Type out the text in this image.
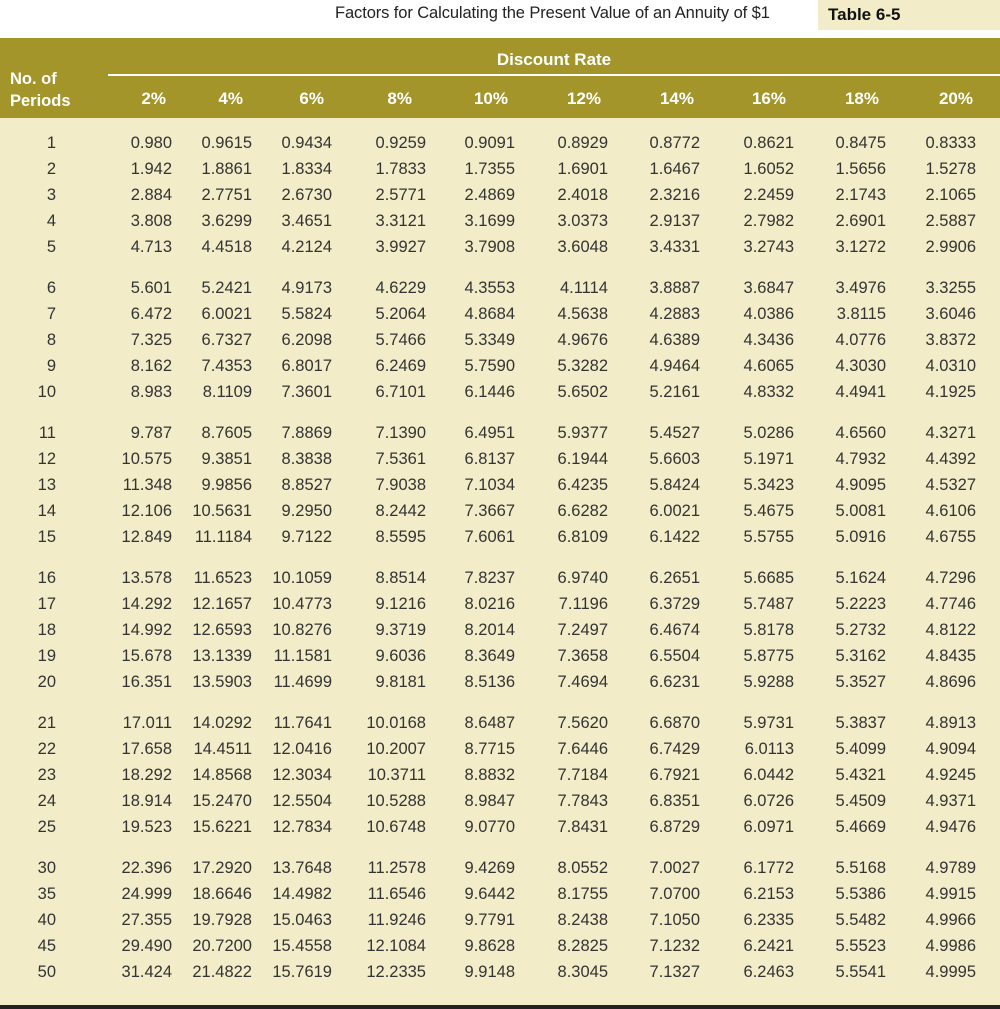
Factors for Calculating the Present Value of an Annuity of $1	Table 6-5
Discount Rate
No. of
Periods	2%	4%	6%	8%	10%	12%	14%	16%	18%	20%
1	0.980	0.9615	0.9434	0.9259	0.9091	0.8929	0.8772	0.8621	0.8475	0.8333
2	1.942	1.8861	1.8334	1.7833	1.7355	1.6901	1.6467	1.6052	1.5656	1.5278
3	2.884	2.7751	2.6730	2.5771	2.4869	2.4018	2.3216	2.2459	2.1743	2.1065
4	3.808	3.6299	3.4651	3.3121	3.1699	3.0373	2.9137	2.7982	2.6901	2.5887
5	4.713	4.4518	4.2124	3.9927	3.7908	3.6048	3.4331	3.2743	3.1272	2.9906
6	5.601	5.2421	4.9173	4.6229	4.3553	4.1114	3.8887	3.6847	3.4976	3.3255
7	6.472	6.0021	5.5824	5.2064	4.8684	4.5638	4.2883	4.0386	3.8115	3.6046
8	7.325	6.7327	6.2098	5.7466	5.3349	4.9676	4.6389	4.3436	4.0776	3.8372
9	8.162	7.4353	6.8017	6.2469	5.7590	5.3282	4.9464	4.6065	4.3030	4.0310
10	8.983	8.1109	7.3601	6.7101	6.1446	5.6502	5.2161	4.8332	4.4941	4.1925
11	9.787	8.7605	7.8869	7.1390	6.4951	5.9377	5.4527	5.0286	4.6560	4.3271
12	10.575	9.3851	8.3838	7.5361	6.8137	6.1944	5.6603	5.1971	4.7932	4.4392
13	11.348	9.9856	8.8527	7.9038	7.1034	6.4235	5.8424	5.3423	4.9095	4.5327
14	12.106	10.5631	9.2950	8.2442	7.3667	6.6282	6.0021	5.4675	5.0081	4.6106
15	12.849	11.1184	9.7122	8.5595	7.6061	6.8109	6.1422	5.5755	5.0916	4.6755
16	13.578	11.6523	10.1059	8.8514	7.8237	6.9740	6.2651	5.6685	5.1624	4.7296
17	14.292	12.1657	10.4773	9.1216	8.0216	7.1196	6.3729	5.7487	5.2223	4.7746
18	14.992	12.6593	10.8276	9.3719	8.2014	7.2497	6.4674	5.8178	5.2732	4.8122
19	15.678	13.1339	11.1581	9.6036	8.3649	7.3658	6.5504	5.8775	5.3162	4.8435
20	16.351	13.5903	11.4699	9.8181	8.5136	7.4694	6.6231	5.9288	5.3527	4.8696
21	17.011	14.0292	11.7641	10.0168	8.6487	7.5620	6.6870	5.9731	5.3837	4.8913
22	17.658	14.4511	12.0416	10.2007	8.7715	7.6446	6.7429	6.0113	5.4099	4.9094
23	18.292	14.8568	12.3034	10.3711	8.8832	7.7184	6.7921	6.0442	5.4321	4.9245
24	18.914	15.2470	12.5504	10.5288	8.9847	7.7843	6.8351	6.0726	5.4509	4.9371
25	19.523	15.6221	12.7834	10.6748	9.0770	7.8431	6.8729	6.0971	5.4669	4.9476
30	22.396	17.2920	13.7648	11.2578	9.4269	8.0552	7.0027	6.1772	5.5168	4.9789
35	24.999	18.6646	14.4982	11.6546	9.6442	8.1755	7.0700	6.2153	5.5386	4.9915
40	27.355	19.7928	15.0463	11.9246	9.7791	8.2438	7.1050	6.2335	5.5482	4.9966
45	29.490	20.7200	15.4558	12.1084	9.8628	8.2825	7.1232	6.2421	5.5523	4.9986
50	31.424	21.4822	15.7619	12.2335	9.9148	8.3045	7.1327	6.2463	5.5541	4.9995
